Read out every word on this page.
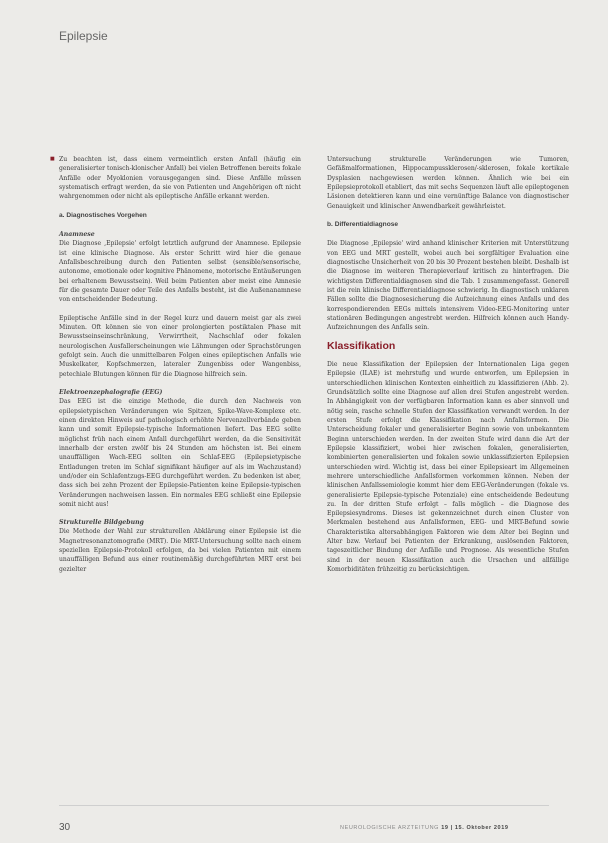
Epilepsie

■ Zu beachten ist, dass einem vermeintlich ersten Anfall (häufig ein generalisierter tonisch-klonischer Anfall) bei vielen Betroffenen bereits fokale Anfälle oder Myoklonien vorausgegangen sind. Diese Anfälle müssen systematisch erfragt werden, da sie von Patienten und Angehörigen oft nicht wahrgenommen oder nicht als epileptische Anfälle erkannt werden.

a. Diagnostisches Vorgehen
Anamnese

Die Diagnose ‚Epilepsie' erfolgt letztlich aufgrund der Anamnese. Epilepsie ist eine klinische Diagnose. Als erster Schritt wird hier die genaue Anfallsbeschreibung durch den Patienten selbst (sensible/sensorische, autonome, emotionale oder kognitive Phänomene, motorische Entäußerungen bei erhaltenem Bewusstsein). Weil beim Patienten aber meist eine Amnesie für die gesamte Dauer oder Teile des Anfalls besteht, ist die Außenanamnese von entscheidender Bedeutung.

Epileptische Anfälle sind in der Regel kurz und dauern meist gar als zwei Minuten. Oft können sie von einer prolongierten postiktalen Phase mit Bewusstseinseinschränkung, Verwirrtheit, Nachschlaf oder fokalen neurologischen Ausfallerscheinungen wie Lähmungen oder Sprachstörungen gefolgt sein. Auch die unmittelbaren Folgen eines epileptischen Anfalls wie Muskelkater, Kopfschmerzen, lateraler Zungenbiss oder Wangenbiss, petechiale Blutungen können für die Diagnose hilfreich sein.

Elektroenzephalografie (EEG)

Das EEG ist die einzige Methode, die durch den Nachweis von epilepsietypischen Veränderungen wie Spitzen, Spike-Wave-Komplexe etc. einen direkten Hinweis auf pathologisch erhöhte Nervenzellverbände geben kann und somit Epilepsie-typische Informationen liefert. Das EEG sollte möglichst früh nach einem Anfall durchgeführt werden, da die Sensitivität innerhalb der ersten zwölf bis 24 Stunden am höchsten ist. Bei einem unauffälligen Wach-EEG sollten ein Schlaf-EEG (Epilepsietypische Entladungen treten im Schlaf signifikant häufiger auf als im Wachzustand) und/oder ein Schlafentzugs-EEG durchgeführt werden. Zu bedenken ist aber, dass sich bei zehn Prozent der Epilepsie-Patienten keine Epilepsie-typischen Veränderungen nachweisen lassen. Ein normales EEG schließt eine Epilepsie somit nicht aus!

Strukturelle Bildgebung

Die Methode der Wahl zur strukturellen Abklärung einer Epilepsie ist die Magnetresonanztomografie (MRT). Die MRT-Untersuchung sollte nach einem speziellen Epilepsie-Protokoll erfolgen, da bei vielen Patienten mit einem unauffälligen Befund aus einer routinemäßig durchgeführten MRT erst bei gezielter

Untersuchung strukturelle Veränderungen wie Tumoren, Gefäßmalformationen, Hippocampussklerosen/-sklerosen, fokale kortikale Dysplasien nachgewiesen werden können. Ähnlich wie bei ein Epilepsieprotokoll etabliert, das mit sechs Sequenzen läuft alle epileptogenen Läsionen detektieren kann und eine vernünftige Balance von diagnostischer Genauigkeit und klinischer Anwendbarkeit gewährleistet.

b. Differentialdiagnose

Die Diagnose ‚Epilepsie' wird anhand klinischer Kriterien mit Unterstützung von EEG und MRT gestellt, wobei auch bei sorgfältiger Evaluation eine diagnostische Unsicherheit von 20 bis 30 Prozent bestehen bleibt. Deshalb ist die Diagnose im weiteren Therapieverlauf kritisch zu hinterfragen. Die wichtigsten Differentialdiagnosen sind die Tab. 1 zusammengefasst. Generell ist die rein klinische Differentialdiagnose schwierig. In diagnostisch unklaren Fällen sollte die Diagnosesicherung die Aufzeichnung eines Anfalls und des korrespondierenden EEGs mittels intensivem Video-EEG-Monitoring unter stationären Bedingungen angestrebt werden. Hilfreich können auch Handy-Aufzeichnungen des Anfalls sein.

Klassifikation

Die neue Klassifikation der Epilepsien der Internationalen Liga gegen Epilepsie (ILAE) ist mehrstufig und wurde entworfen, um Epilepsien in unterschiedlichen klinischen Kontexten einheitlich zu klassifizieren (Abb. 2). Grundsätzlich sollte eine Diagnose auf allen drei Stufen angestrebt werden. In Abhängigkeit von der verfügbaren Information kann es aber sinnvoll und nötig sein, rasche schnelle Stufen der Klassifikation verwandt werden. In der ersten Stufe erfolgt die Klassifikation nach Anfallsformen. Die Unterscheidung fokaler und generalisierter Beginn sowie von unbekanntem Beginn unterschieden werden. In der zweiten Stufe wird dann die Art der Epilepsie klassifiziert, wobei hier zwischen fokalen, generalisierten, kombinierten generalisierten und fokalen sowie unklassifizierten Epilepsien unterschieden wird. Wichtig ist, dass bei einer Epilepsieart im Allgemeinen mehrere unterschiedliche Anfallsformen vorkommen können. Neben der klinischen Anfallssemiologie kommt hier dem EEG-Veränderungen (fokale vs. generalisierte Epilepsie-typische Potenziale) eine entscheidende Bedeutung zu. In der dritten Stufe erfolgt – falls möglich – die Diagnose des Epilepsiesyndroms. Dieses ist gekennzeichnet durch einen Cluster von Merkmalen bestehend aus Anfallsformen, EEG- und MRT-Befund sowie Charakteristika altersabhängigen Faktoren wie dem Alter bei Beginn und Alter bzw. Verlauf bei Patienten der Erkrankung, auslösenden Faktoren, tageszeitlicher Bindung der Anfälle und Prognose. Als wesentliche Stufen sind in der neuen Klassifikation auch die Ursachen und allfällige Komorbiditäten frühzeitig zu berücksichtigen.

30	NEUROLOGISCHE ARZTEITUNG 19 | 15. Oktober 2019
